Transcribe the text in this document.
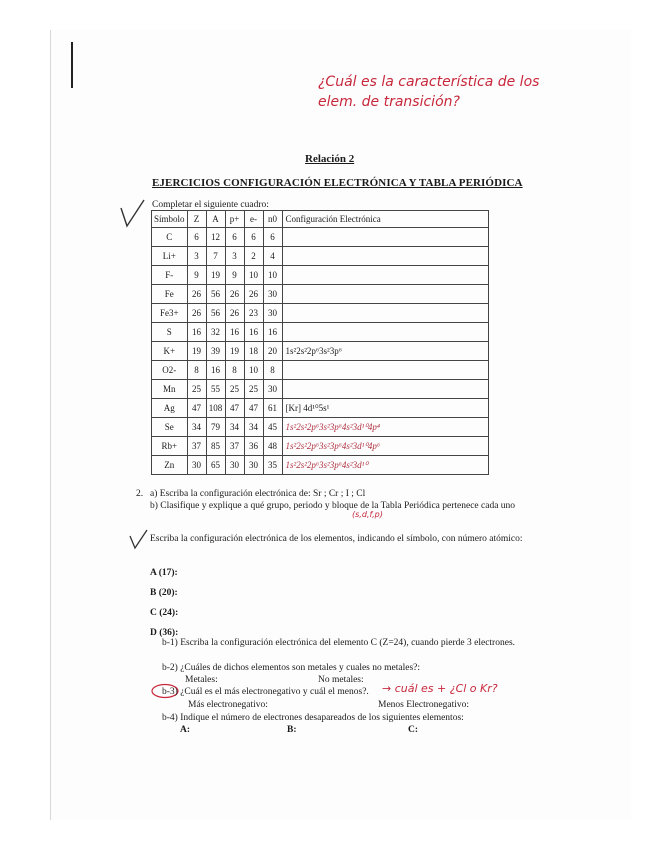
¿Cuál es la característica de los elem. de transición?
Relación 2
EJERCICIOS CONFIGURACIÓN ELECTRÓNICA Y TABLA PERIÓDICA
Completar el siguiente cuadro:
Símbolo	Z	A	p+	e-	n0	Configuración Electrónica
C	6	12	6	6	6	
Li+	3	7	3	2	4	
F-	9	19	9	10	10	
Fe	26	56	26	26	30	
Fe3+	26	56	26	23	30	
S	16	32	16	16	16	
K+	19	39	19	18	20	1s²2s²2p⁶3s²3p⁶
O2-	8	16	8	10	8	
Mn	25	55	25	25	30	
Ag	47	108	47	47	61	[Kr] 4d¹⁰5s¹
Se	34	79	34	34	45	1s²2s²2p⁶3s²3p⁶4s²3d¹⁰4p⁴
Rb+	37	85	37	36	48	1s²2s²2p⁶3s²3p⁶4s²3d¹⁰4p⁶
Zn	30	65	30	30	35	1s²2s²2p⁶3s²3p⁶4s²3d¹⁰
2. a) Escriba la configuración electrónica de: Sr ; Cr ; I ; Cl
b) Clasifique y explique a qué grupo, periodo y bloque de la Tabla Periódica pertenece cada uno
(s,d,f,p)
Escriba la configuración electrónica de los elementos, indicando el símbolo, con número atómico:
A (17):
B (20):
C (24):
D (36):
b-1) Escriba la configuración electrónica del elemento C (Z=24), cuando pierde 3 electrones.
b-2) ¿Cuáles de dichos elementos son metales y cuales no metales?:
Metales:	No metales:
b-3) ¿Cuál es el más electronegativo y cuál el menos?. → cuál es + ¿Cl o Kr?
Más electronegativo:	Menos Electronegativo:
b-4) Indique el número de electrones desapareados de los siguientes elementos:
A:	B:	C:
